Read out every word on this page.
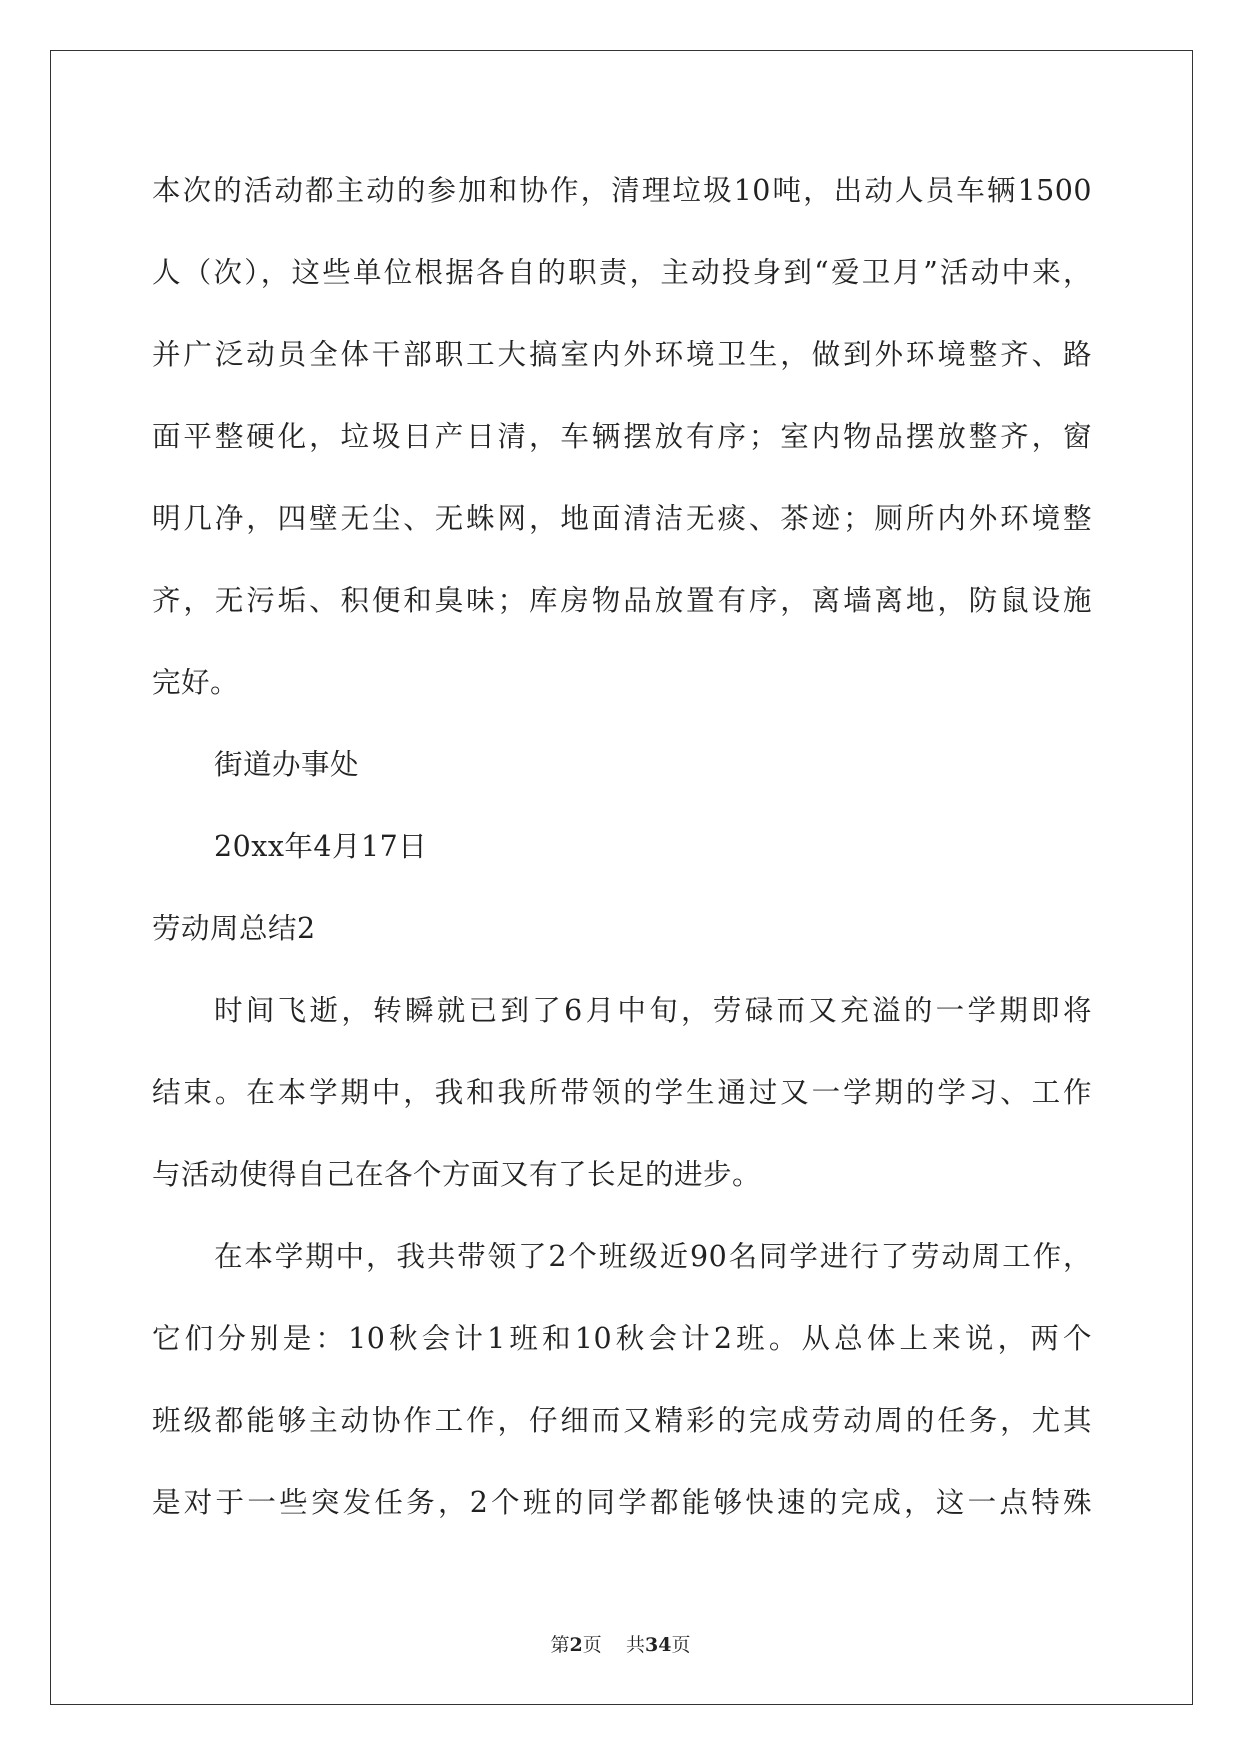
本次的活动都主动的参加和协作，清理垃圾10吨，出动人员车辆1500
人（次），这些单位根据各自的职责，主动投身到“爱卫月”活动中来，
并广泛动员全体干部职工大搞室内外环境卫生，做到外环境整齐、路
面平整硬化，垃圾日产日清，车辆摆放有序；室内物品摆放整齐，窗
明几净，四壁无尘、无蛛网，地面清洁无痰、茶迹；厕所内外环境整
齐，无污垢、积便和臭味；库房物品放置有序，离墙离地，防鼠设施
完好。
街道办事处
20xx年4月17日
劳动周总结2
时间飞逝，转瞬就已到了6月中旬，劳碌而又充溢的一学期即将
结束。在本学期中，我和我所带领的学生通过又一学期的学习、工作
与活动使得自己在各个方面又有了长足的进步。
在本学期中，我共带领了2个班级近90名同学进行了劳动周工作，
它们分别是：10秋会计1班和10秋会计2班。从总体上来说，两个
班级都能够主动协作工作，仔细而又精彩的完成劳动周的任务，尤其
是对于一些突发任务，2个班的同学都能够快速的完成，这一点特殊
第2页 共34页
